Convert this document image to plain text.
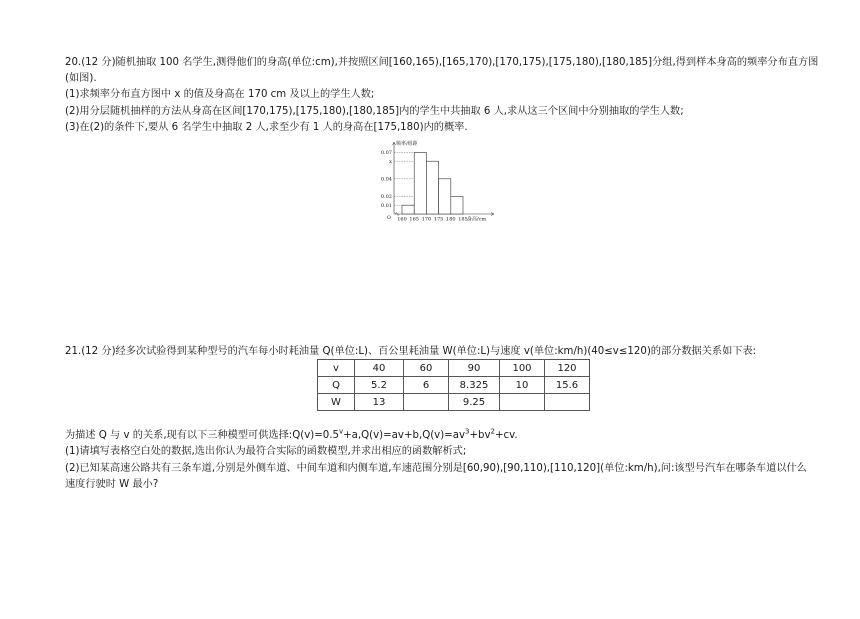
20.(12 分)随机抽取 100 名学生,测得他们的身高(单位:cm),并按照区间[160,165),[165,170),[170,175),[175,180),[180,185]分组,得到样本身高的频率分布直方图
(如图).
(1)求频率分布直方图中 x 的值及身高在 170 cm 及以上的学生人数;
(2)用分层随机抽样的方法从身高在区间[170,175),[175,180),[180,185]内的学生中共抽取 6 人,求从这三个区间中分别抽取的学生人数;
(3)在(2)的条件下,要从 6 名学生中抽取 2 人,求至少有 1 人的身高在[175,180)内的概率.
0.07
x
0.04
0.02
0.01
160 165 170 175 180 185
O
频率/组距
身高/cm
21.(12 分)经多次试验得到某种型号的汽车每小时耗油量 Q(单位:L)、百公里耗油量 W(单位:L)与速度 v(单位:km/h)(40≤v≤120)的部分数据关系如下表:
v	40	60	90	100	120
Q	5.2	6	8.325	10	15.6
W	13		9.25		
为描述 Q 与 v 的关系,现有以下三种模型可供选择$:Q(v)=0.5^v+a,Q(v)=av+b,Q(v)=av^3+bv^2+cv$.
(1)请填写表格空白处的数据,选出你认为最符合实际的函数模型,并求出相应的函数解析式;
(2)已知某高速公路共有三条车道,分别是外侧车道、中间车道和内侧车道,车速范围分别是[60,90),[90,110),[110,120](单位:km/h),问:该型号汽车在哪条车道以什么
速度行驶时 W 最小?
